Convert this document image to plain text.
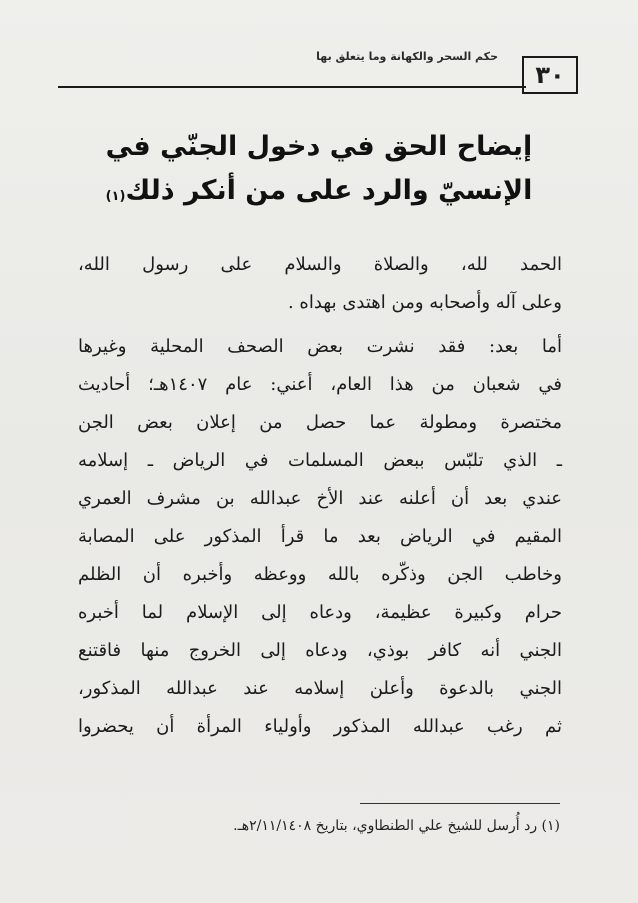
٣٠
حكم السحر والكهانة وما يتعلق بها
إيضاح الحق في دخول الجنّي في
الإنسيّ والرد على من أنكر ذلك$^{(١)}$
الحمد لله، والصلاة والسلام على رسول الله،
وعلى آله وأصحابه ومن اهتدى بهداه .
أما بعد: فقد نشرت بعض الصحف المحلية وغيرها
في شعبان من هذا العام، أعني: عام ١٤٠٧هـ؛ أحاديث
مختصرة ومطولة عما حصل من إعلان بعض الجن
ـ الذي تلبّس ببعض المسلمات في الرياض ـ إسلامه
عندي بعد أن أعلنه عند الأخ عبدالله بن مشرف العمري
المقيم في الرياض بعد ما قرأ المذكور على المصابة
وخاطب الجن وذكّره بالله ووعظه وأخبره أن الظلم
حرام وكبيرة عظيمة، ودعاه إلى الإسلام لما أخبره
الجني أنه كافر بوذي، ودعاه إلى الخروج منها فاقتنع
الجني بالدعوة وأعلن إسلامه عند عبدالله المذكور،
ثم رغب عبدالله المذكور وأولياء المرأة أن يحضروا
(١) رد أُرسل للشيخ علي الطنطاوي، بتاريخ ٢/١١/١٤٠٨هـ.
